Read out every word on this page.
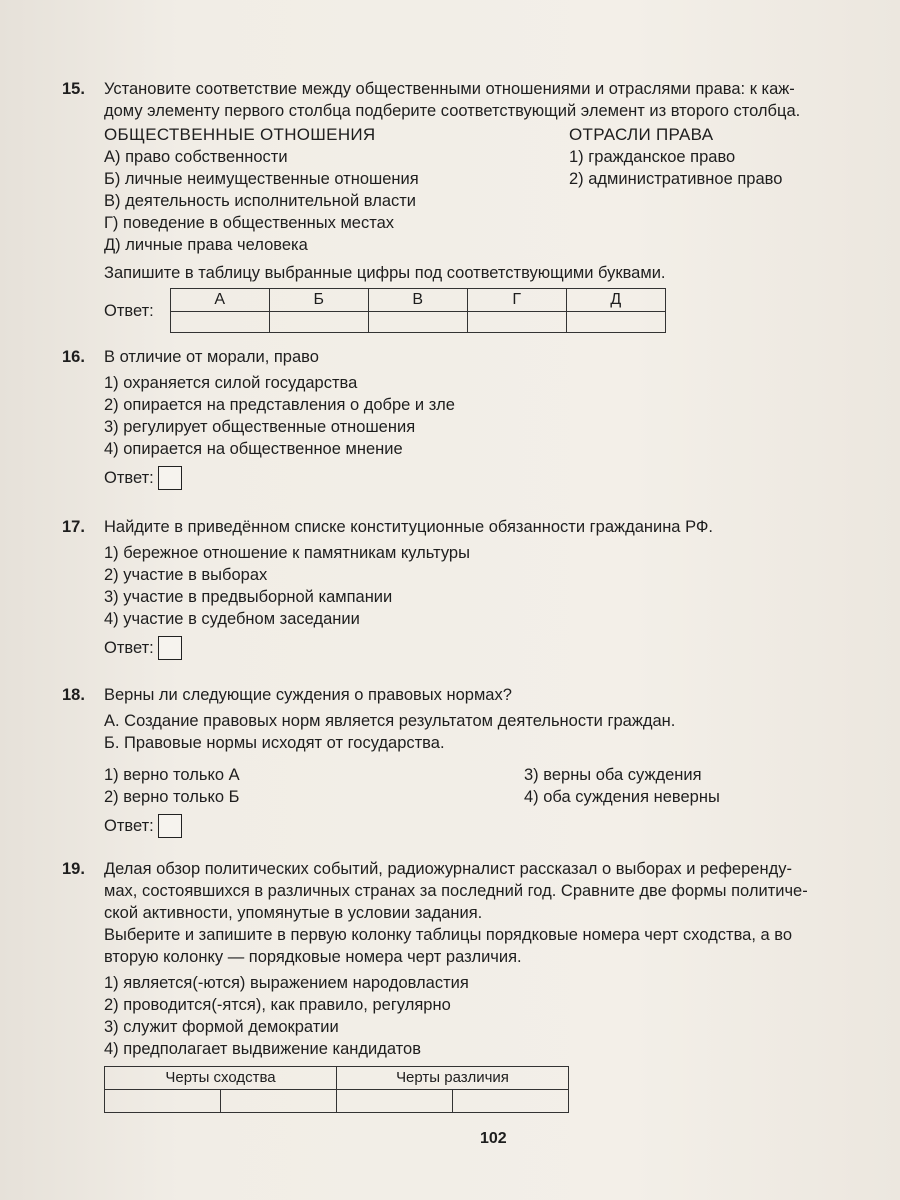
15.	Установите соответствие между общественными отношениями и отраслями права: к каж-

дому элементу первого столбца подберите соответствующий элемент из второго столбца.

ОБЩЕСТВЕННЫЕ ОТНОШЕНИЯ

А) право собственности

Б) личные неимущественные отношения

В) деятельность исполнительной власти

Г) поведение в общественных местах

Д) личные права человека

ОТРАСЛИ ПРАВА

1) гражданское право

2) административное право

Запишите в таблицу выбранные цифры под соответствующими буквами.

Ответ:
А	Б	В	Г	Д

16.	В отличие от морали, право

1) охраняется силой государства

2) опирается на представления о добре и зле

3) регулирует общественные отношения

4) опирается на общественное мнение

Ответ:
17.	Найдите в приведённом списке конституционные обязанности гражданина РФ.

1) бережное отношение к памятникам культуры

2) участие в выборах

3) участие в предвыборной кампании

4) участие в судебном заседании

Ответ:
18.	Верны ли следующие суждения о правовых нормах?

А. Создание правовых норм является результатом деятельности граждан.

Б. Правовые нормы исходят от государства.

1) верно только А

2) верно только Б

3) верны оба суждения

4) оба суждения неверны

Ответ:
19.	Делая обзор политических событий, радиожурналист рассказал о выборах и референду-

мах, состоявшихся в различных странах за последний год. Сравните две формы политиче-

ской активности, упомянутые в условии задания.

Выберите и запишите в первую колонку таблицы порядковые номера черт сходства, а во

вторую колонку — порядковые номера черт различия.

1) является(-ются) выражением народовластия

2) проводится(-ятся), как правило, регулярно

3) служит формой демократии

4) предполагает выдвижение кандидатов

Черты сходства		Черты различия	

102
